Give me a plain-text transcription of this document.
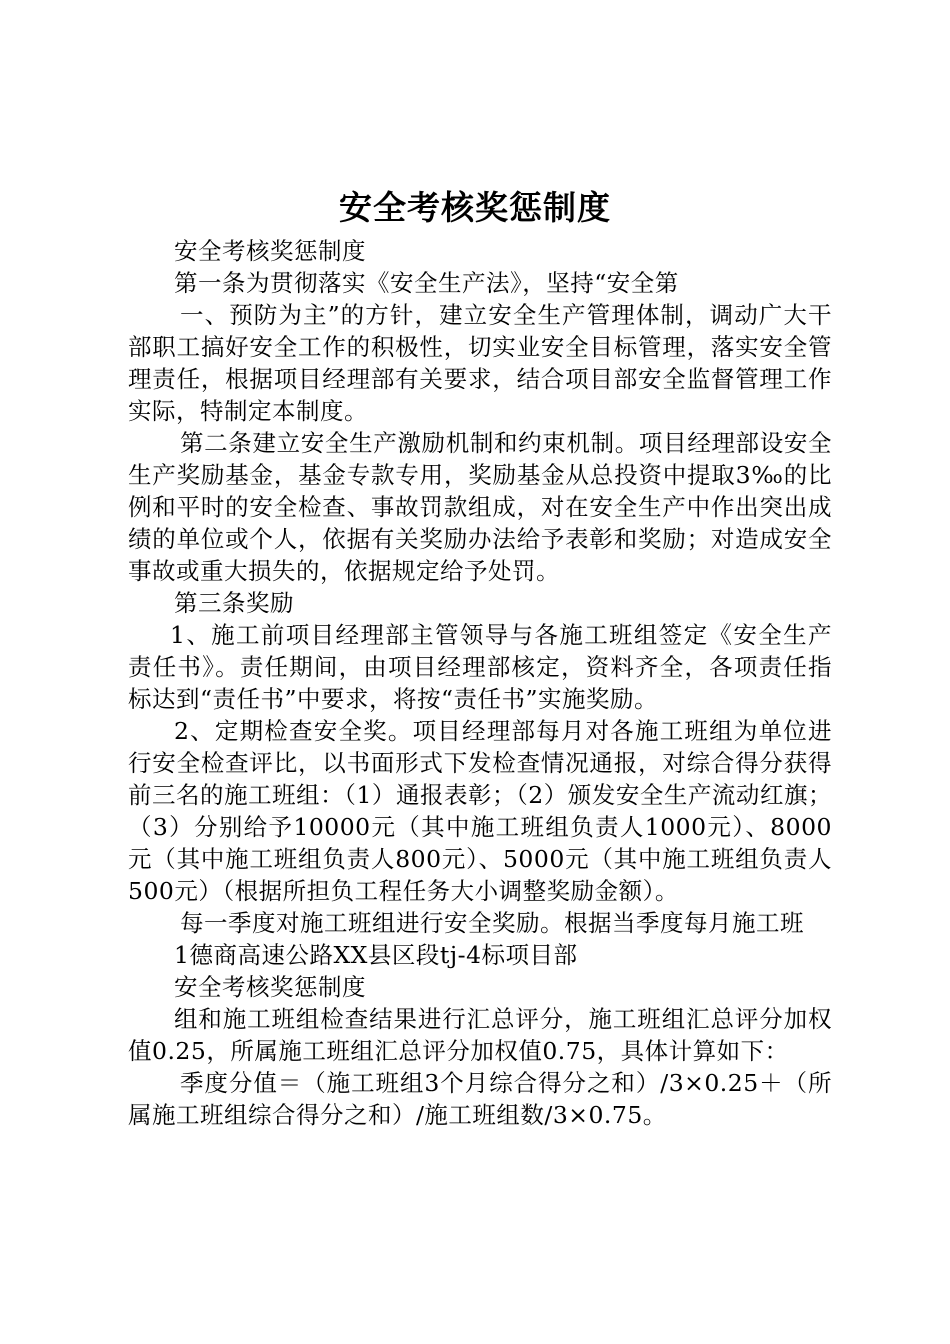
安全考核奖惩制度

安全考核奖惩制度

第一条为贯彻落实《安全生产法》，坚持“安全第

一、预防为主”的方针，建立安全生产管理体制，调动广大干部职工搞好安全工作的积极性，切实业安全目标管理，落实安全管理责任，根据项目经理部有关要求，结合项目部安全监督管理工作实际，特制定本制度。

第二条建立安全生产激励机制和约束机制。项目经理部设安全生产奖励基金，基金专款专用，奖励基金从总投资中提取3‰的比例和平时的安全检查、事故罚款组成，对在安全生产中作出突出成绩的单位或个人，依据有关奖励办法给予表彰和奖励；对造成安全事故或重大损失的，依据规定给予处罚。

第三条奖励

1、施工前项目经理部主管领导与各施工班组签定《安全生产责任书》。责任期间，由项目经理部核定，资料齐全，各项责任指标达到“责任书”中要求，将按“责任书”实施奖励。

2、定期检查安全奖。项目经理部每月对各施工班组为单位进行安全检查评比，以书面形式下发检查情况通报，对综合得分获得前三名的施工班组：（1）通报表彰；（2）颁发安全生产流动红旗；（3）分别给予10000元（其中施工班组负责人1000元）、8000元（其中施工班组负责人800元）、5000元（其中施工班组负责人500元）（根据所担负工程任务大小调整奖励金额）。

每一季度对施工班组进行安全奖励。根据当季度每月施工班

1德商高速公路XX县区段tj-4标项目部

安全考核奖惩制度

组和施工班组检查结果进行汇总评分，施工班组汇总评分加权值0.25，所属施工班组汇总评分加权值0.75，具体计算如下：

季度分值＝（施工班组3个月综合得分之和）/3×0.25＋（所属施工班组综合得分之和）/施工班组数/3×0.75。
